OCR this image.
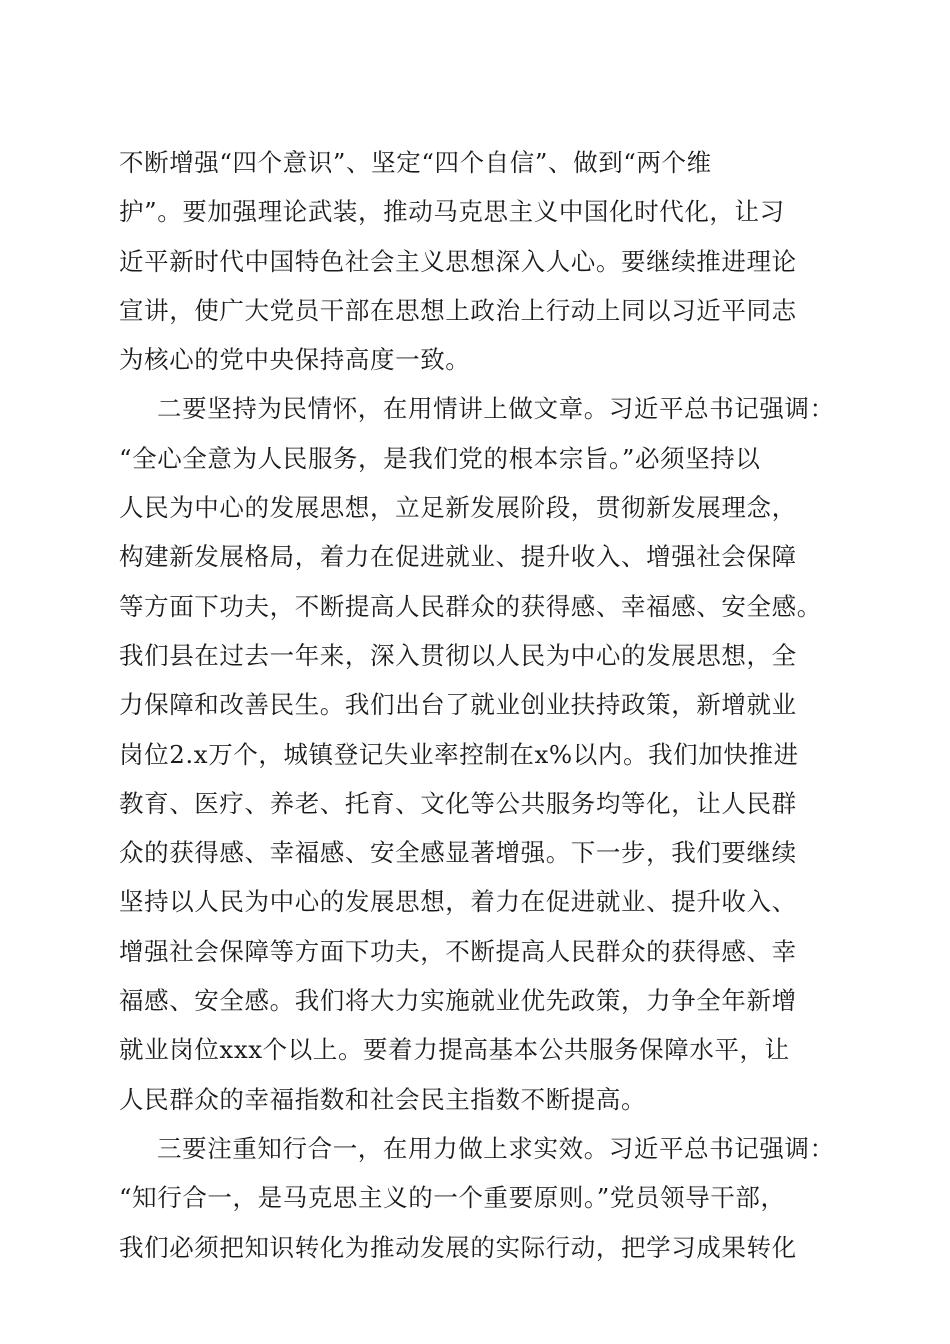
不断增强“四个意识”、坚定“四个自信”、做到“两个维
护”。要加强理论武装，推动马克思主义中国化时代化，让习
近平新时代中国特色社会主义思想深入人心。要继续推进理论
宣讲，使广大党员干部在思想上政治上行动上同以习近平同志
为核心的党中央保持高度一致。
二要坚持为民情怀，在用情讲上做文章。习近平总书记强调：
“全心全意为人民服务，是我们党的根本宗旨。”必须坚持以
人民为中心的发展思想，立足新发展阶段，贯彻新发展理念，
构建新发展格局，着力在促进就业、提升收入、增强社会保障
等方面下功夫，不断提高人民群众的获得感、幸福感、安全感。
我们县在过去一年来，深入贯彻以人民为中心的发展思想，全
力保障和改善民生。我们出台了就业创业扶持政策，新增就业
岗位2.x万个，城镇登记失业率控制在x%以内。我们加快推进
教育、医疗、养老、托育、文化等公共服务均等化，让人民群
众的获得感、幸福感、安全感显著增强。下一步，我们要继续
坚持以人民为中心的发展思想，着力在促进就业、提升收入、
增强社会保障等方面下功夫，不断提高人民群众的获得感、幸
福感、安全感。我们将大力实施就业优先政策，力争全年新增
就业岗位xxx个以上。要着力提高基本公共服务保障水平，让
人民群众的幸福指数和社会民主指数不断提高。
三要注重知行合一，在用力做上求实效。习近平总书记强调：
“知行合一，是马克思主义的一个重要原则。”党员领导干部，
我们必须把知识转化为推动发展的实际行动，把学习成果转化
